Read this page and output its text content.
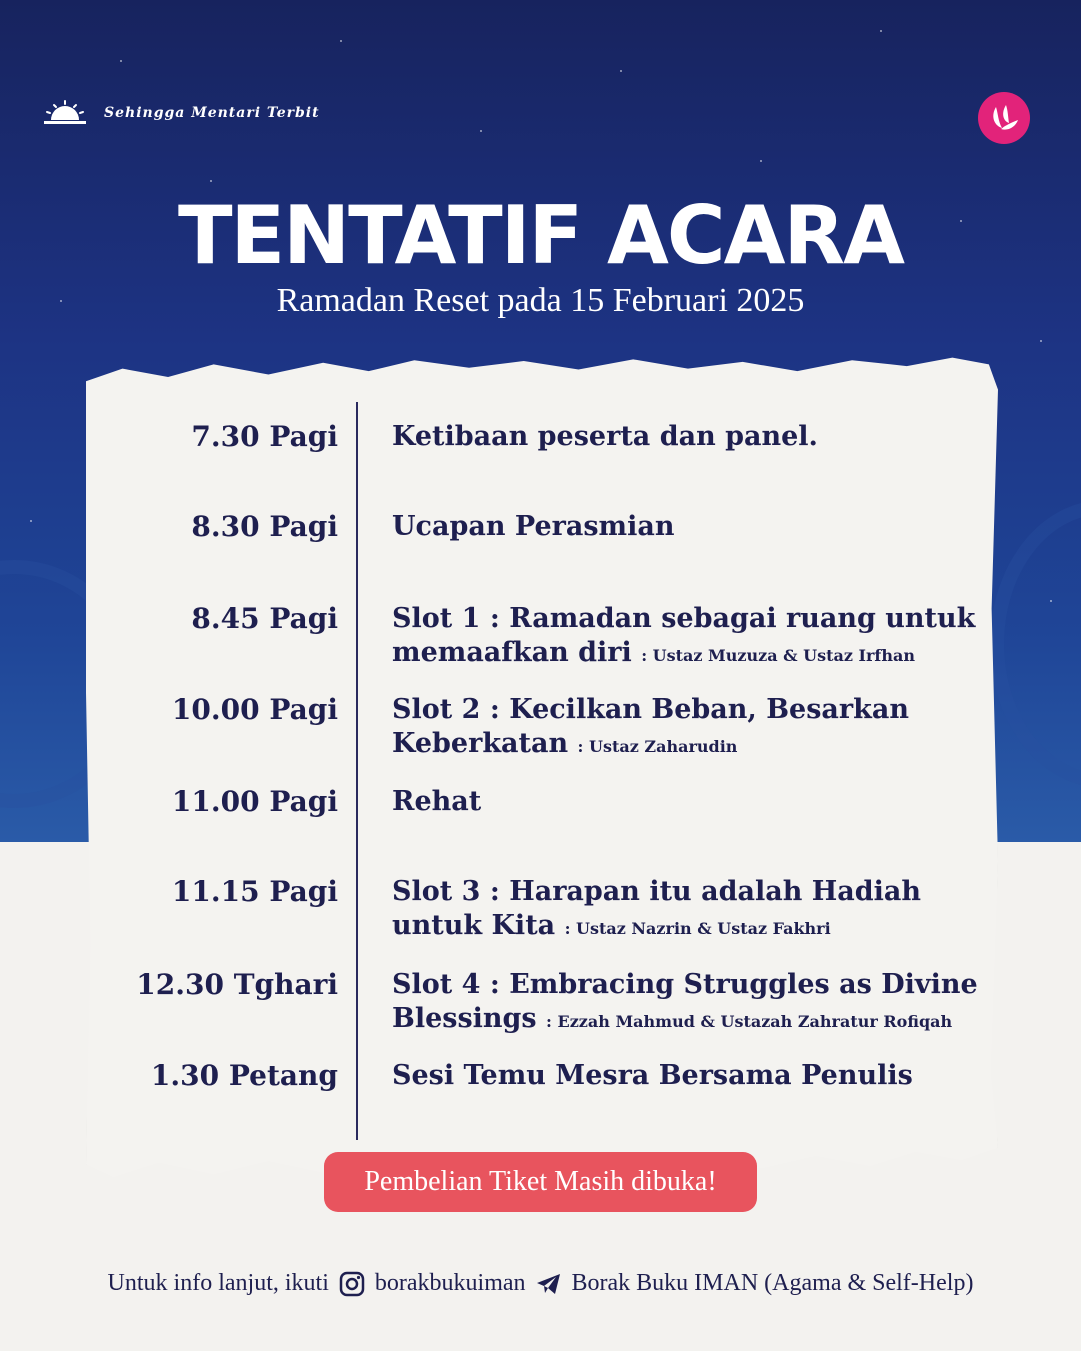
Sehingga Mentari Terbit
TENTATIF ACARA
Ramadan Reset pada 15 Februari 2025
7.30 Pagi Ketibaan peserta dan panel.
8.30 Pagi Ucapan Perasmian
8.45 Pagi Slot 1 : Ramadan sebagai ruang untuk memaafkan diri : Ustaz Muzuza & Ustaz Irfhan
10.00 Pagi Slot 2 : Kecilkan Beban, Besarkan Keberkatan : Ustaz Zaharudin
11.00 Pagi Rehat
11.15 Pagi Slot 3 : Harapan itu adalah Hadiah untuk Kita : Ustaz Nazrin & Ustaz Fakhri
12.30 Tghari Slot 4 : Embracing Struggles as Divine Blessings : Ezzah Mahmud & Ustazah Zahratur Rofiqah
1.30 Petang Sesi Temu Mesra Bersama Penulis
Pembelian Tiket Masih dibuka!
Untuk info lanjut, ikuti borakbukuiman Borak Buku IMAN (Agama & Self-Help)
